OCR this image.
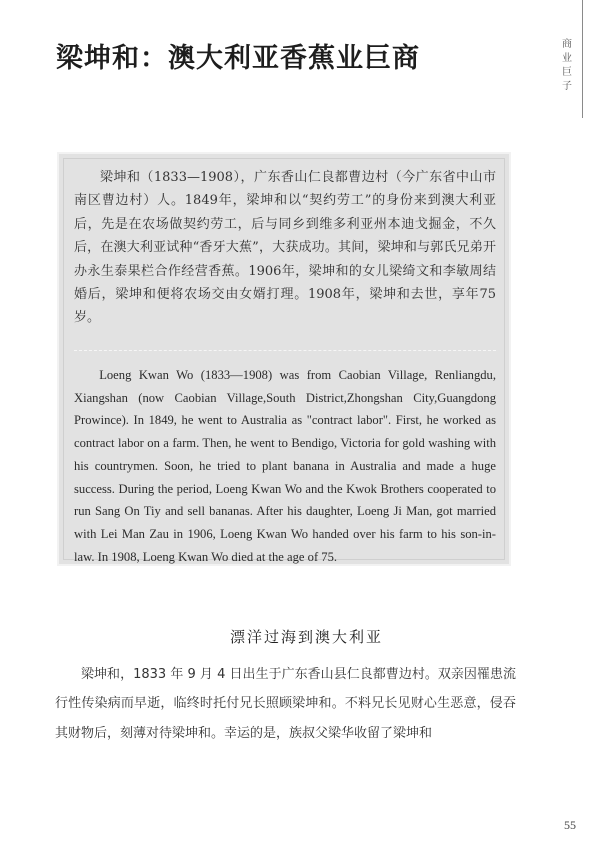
梁坤和：澳大利亚香蕉业巨商	商业巨子

梁坤和（1833—1908），广东香山仁良都曹边村（今广东省中山市南区曹边村）人。1849年，梁坤和以“契约劳工”的身份来到澳大利亚后，先是在农场做契约劳工，后与同乡到维多利亚州本迪戈掘金，不久后，在澳大利亚试种“香牙大蕉”，大获成功。其间，梁坤和与郭氏兄弟开办永生泰果栏合作经营香蕉。1906年，梁坤和的女儿梁绮文和李敏周结婚后，梁坤和便将农场交由女婿打理。1908年，梁坤和去世，享年75岁。

Loeng Kwan Wo (1833—1908) was from Caobian Village, Renliangdu, Xiangshan (now Caobian Village,South District,Zhongshan City,Guangdong Prowince). In 1849, he went to Australia as "contract labor". First, he worked as contract labor on a farm. Then, he went to Bendigo, Victoria for gold washing with his countrymen. Soon, he tried to plant banana in Australia and made a huge success. During the period, Loeng Kwan Wo and the Kwok Brothers cooperated to run Sang On Tiy and sell bananas. After his daughter, Loeng Ji Man, got married with Lei Man Zau in 1906, Loeng Kwan Wo handed over his farm to his son-in-law. In 1908, Loeng Kwan Wo died at the age of 75.

漂洋过海到澳大利亚

梁坤和，1833 年 9 月 4 日出生于广东香山县仁良都曹边村。双亲因罹患流行性传染病而早逝，临终时托付兄长照顾梁坤和。不料兄长见财心生恶意，侵吞其财物后，刻薄对待梁坤和。幸运的是，族叔父梁华收留了梁坤和

55
